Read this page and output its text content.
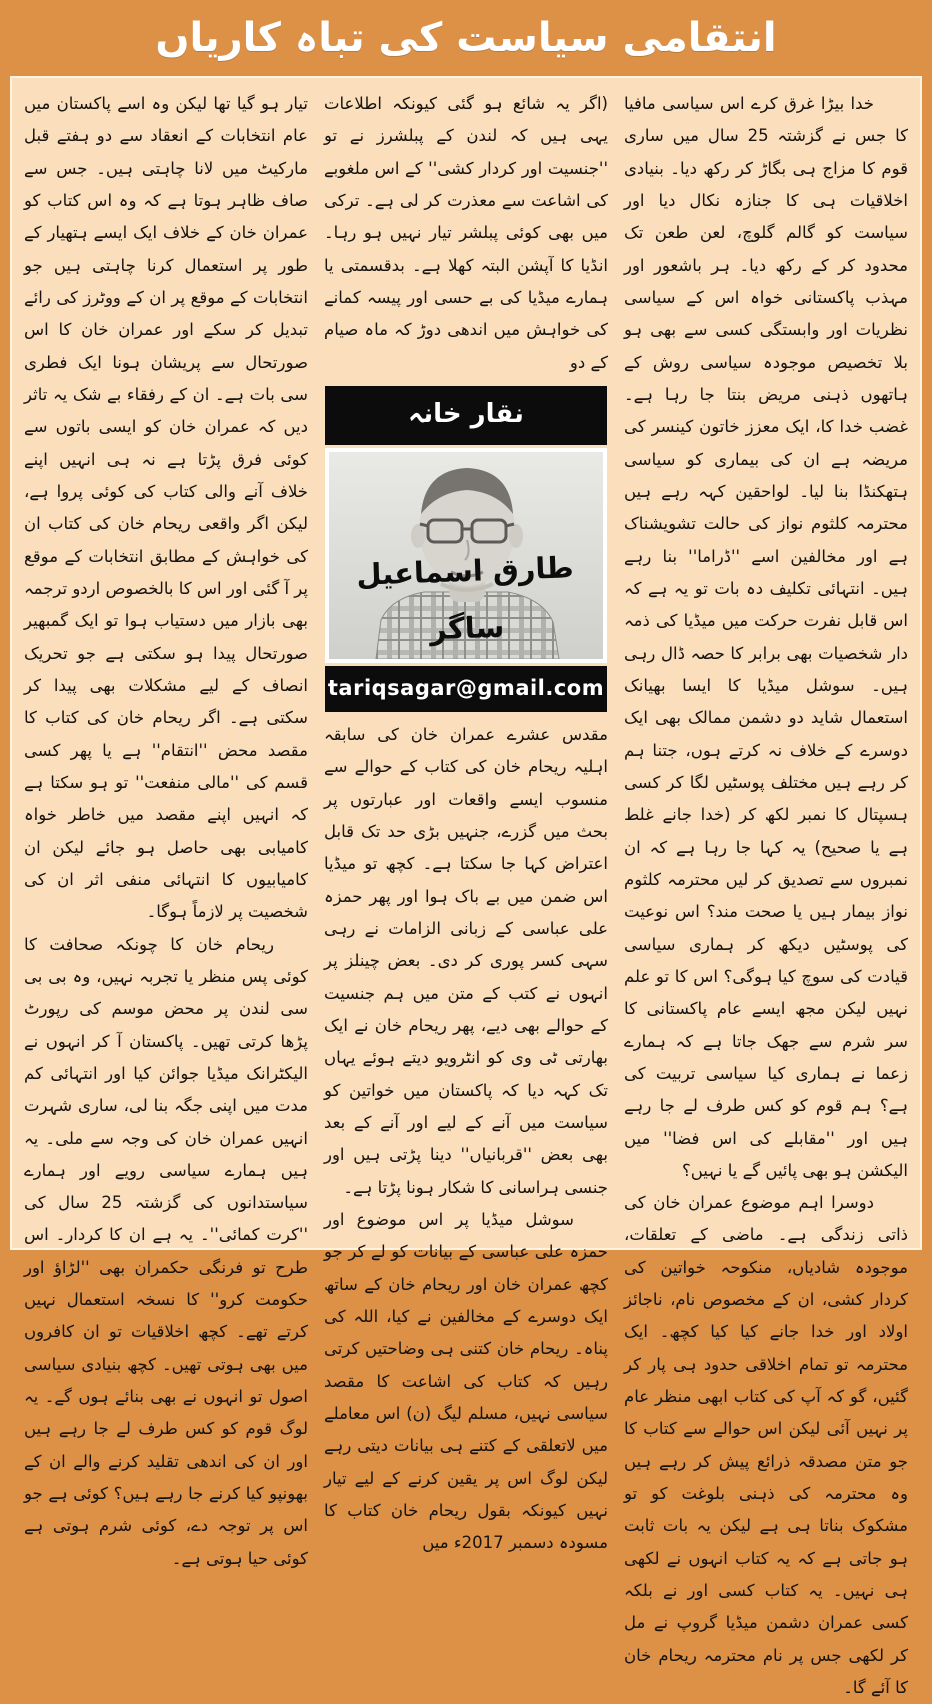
انتقامی سیاست کی تباہ کاریاں

خدا بیڑا غرق کرے اس سیاسی مافیا کا جس نے گزشتہ 25 سال میں ساری قوم کا مزاج ہی بگاڑ کر رکھ دیا۔ بنیادی اخلاقیات ہی کا جنازہ نکال دیا اور سیاست کو گالم گلوچ، لعن طعن تک محدود کر کے رکھ دیا۔ ہر باشعور اور مہذب پاکستانی خواہ اس کے سیاسی نظریات اور وابستگی کسی سے بھی ہو بلا تخصیص موجودہ سیاسی روش کے ہاتھوں ذہنی مریض بنتا جا رہا ہے۔ غضب خدا کا، ایک معزز خاتون کینسر کی مریضہ ہے ان کی بیماری کو سیاسی ہتھکنڈا بنا لیا۔ لواحقین کہہ رہے ہیں محترمہ کلثوم نواز کی حالت تشویشناک ہے اور مخالفین اسے ''ڈراما'' بنا رہے ہیں۔ انتہائی تکلیف دہ بات تو یہ ہے کہ اس قابل نفرت حرکت میں میڈیا کی ذمہ دار شخصیات بھی برابر کا حصہ ڈال رہی ہیں۔ سوشل میڈیا کا ایسا بھیانک استعمال شاید دو دشمن ممالک بھی ایک دوسرے کے خلاف نہ کرتے ہوں، جتنا ہم کر رہے ہیں مختلف پوسٹیں لگا کر کسی ہسپتال کا نمبر لکھ کر (خدا جانے غلط ہے یا صحیح) یہ کہا جا رہا ہے کہ ان نمبروں سے تصدیق کر لیں محترمہ کلثوم نواز بیمار ہیں یا صحت مند؟ اس نوعیت کی پوسٹیں دیکھ کر ہماری سیاسی قیادت کی سوچ کیا ہوگی؟ اس کا تو علم نہیں لیکن مجھ ایسے عام پاکستانی کا سر شرم سے جھک جاتا ہے کہ ہمارے زعما نے ہماری کیا سیاسی تربیت کی ہے؟ ہم قوم کو کس طرف لے جا رہے ہیں اور ''مقابلے کی اس فضا'' میں الیکشن ہو بھی پائیں گے یا نہیں؟

دوسرا اہم موضوع عمران خان کی ذاتی زندگی ہے۔ ماضی کے تعلقات، موجودہ شادیاں، منکوحہ خواتین کی کردار کشی، ان کے مخصوص نام، ناجائز اولاد اور خدا جانے کیا کیا کچھ۔ ایک محترمہ تو تمام اخلاقی حدود ہی پار کر گئیں، گو کہ آپ کی کتاب ابھی منظر عام پر نہیں آئی لیکن اس حوالے سے کتاب کا جو متن مصدقہ ذرائع پیش کر رہے ہیں وہ محترمہ کی ذہنی بلوغت کو تو مشکوک بناتا ہی ہے لیکن یہ بات ثابت ہو جاتی ہے کہ یہ کتاب انہوں نے لکھی ہی نہیں۔ یہ کتاب کسی اور نے بلکہ کسی عمران دشمن میڈیا گروپ نے مل کر لکھی جس پر نام محترمہ ریحام خان کا آئے گا۔

(اگر یہ شائع ہو گئی کیونکہ اطلاعات یہی ہیں کہ لندن کے پبلشرز نے تو ''جنسیت اور کردار کشی'' کے اس ملغوبے کی اشاعت سے معذرت کر لی ہے۔ ترکی میں بھی کوئی پبلشر تیار نہیں ہو رہا۔ انڈیا کا آپشن البتہ کھلا ہے۔ بدقسمتی یا ہمارے میڈیا کی بے حسی اور پیسہ کمانے کی خواہش میں اندھی دوڑ کہ ماہ صیام کے دو

نقار خانہ
طارق اسماعیل ساگر
tariqsagar@gmail.com

مقدس عشرے عمران خان کی سابقہ اہلیہ ریحام خان کی کتاب کے حوالے سے منسوب ایسے واقعات اور عبارتوں پر بحث میں گزرے، جنہیں بڑی حد تک قابل اعتراض کہا جا سکتا ہے۔ کچھ تو میڈیا اس ضمن میں بے باک ہوا اور پھر حمزہ علی عباسی کے زبانی الزامات نے رہی سہی کسر پوری کر دی۔ بعض چینلز پر انہوں نے کتب کے متن میں ہم جنسیت کے حوالے بھی دیے، پھر ریحام خان نے ایک بھارتی ٹی وی کو انٹرویو دیتے ہوئے یہاں تک کہہ دیا کہ پاکستان میں خواتین کو سیاست میں آنے کے لیے اور آنے کے بعد بھی بعض ''قربانیاں'' دینا پڑتی ہیں اور جنسی ہراسانی کا شکار ہونا پڑتا ہے۔

سوشل میڈیا پر اس موضوع اور حمزہ علی عباسی کے بیانات کو لے کر جو کچھ عمران خان اور ریحام خان کے ساتھ ایک دوسرے کے مخالفین نے کیا، اللہ کی پناہ۔ ریحام خان کتنی ہی وضاحتیں کرتی رہیں کہ کتاب کی اشاعت کا مقصد سیاسی نہیں، مسلم لیگ (ن) اس معاملے میں لاتعلقی کے کتنے ہی بیانات دیتی رہے لیکن لوگ اس پر یقین کرنے کے لیے تیار نہیں کیونکہ بقول ریحام خان کتاب کا مسودہ دسمبر 2017ء میں

تیار ہو گیا تھا لیکن وہ اسے پاکستان میں عام انتخابات کے انعقاد سے دو ہفتے قبل مارکیٹ میں لانا چاہتی ہیں۔ جس سے صاف ظاہر ہوتا ہے کہ وہ اس کتاب کو عمران خان کے خلاف ایک ایسے ہتھیار کے طور پر استعمال کرنا چاہتی ہیں جو انتخابات کے موقع پر ان کے ووٹرز کی رائے تبدیل کر سکے اور عمران خان کا اس صورتحال سے پریشان ہونا ایک فطری سی بات ہے۔ ان کے رفقاء بے شک یہ تاثر دیں کہ عمران خان کو ایسی باتوں سے کوئی فرق پڑتا ہے نہ ہی انہیں اپنے خلاف آنے والی کتاب کی کوئی پروا ہے، لیکن اگر واقعی ریحام خان کی کتاب ان کی خواہش کے مطابق انتخابات کے موقع پر آ گئی اور اس کا بالخصوص اردو ترجمہ بھی بازار میں دستیاب ہوا تو ایک گمبھیر صورتحال پیدا ہو سکتی ہے جو تحریک انصاف کے لیے مشکلات بھی پیدا کر سکتی ہے۔ اگر ریحام خان کی کتاب کا مقصد محض ''انتقام'' ہے یا پھر کسی قسم کی ''مالی منفعت'' تو ہو سکتا ہے کہ انہیں اپنے مقصد میں خاطر خواہ کامیابی بھی حاصل ہو جائے لیکن ان کامیابیوں کا انتہائی منفی اثر ان کی شخصیت پر لازماً ہوگا۔

ریحام خان کا چونکہ صحافت کا کوئی پس منظر یا تجربہ نہیں، وہ بی بی سی لندن پر محض موسم کی رپورٹ پڑھا کرتی تھیں۔ پاکستان آ کر انہوں نے الیکٹرانک میڈیا جوائن کیا اور انتہائی کم مدت میں اپنی جگہ بنا لی، ساری شہرت انہیں عمران خان کی وجہ سے ملی۔ یہ ہیں ہمارے سیاسی رویے اور ہمارے سیاستدانوں کی گزشتہ 25 سال کی ''کرت کمائی''۔ یہ ہے ان کا کردار۔ اس طرح تو فرنگی حکمران بھی ''لڑاؤ اور حکومت کرو'' کا نسخہ استعمال نہیں کرتے تھے۔ کچھ اخلاقیات تو ان کافروں میں بھی ہوتی تھیں۔ کچھ بنیادی سیاسی اصول تو انہوں نے بھی بنائے ہوں گے۔ یہ لوگ قوم کو کس طرف لے جا رہے ہیں اور ان کی اندھی تقلید کرنے والے ان کے بھونپو کیا کرنے جا رہے ہیں؟ کوئی ہے جو اس پر توجہ دے، کوئی شرم ہوتی ہے کوئی حیا ہوتی ہے۔
